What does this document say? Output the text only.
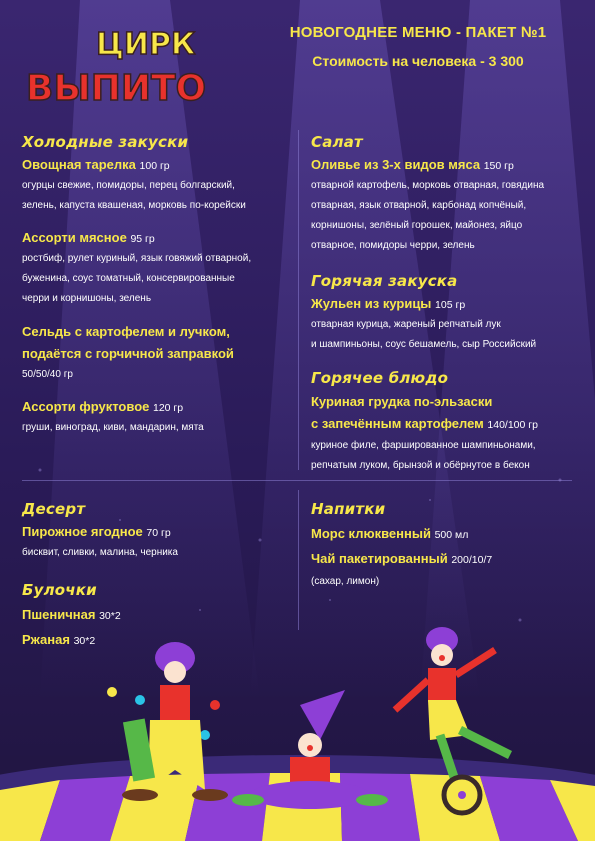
ЦИРК
ВЫПИТО
НОВОГОДНЕЕ МЕНЮ - ПАКЕТ №1
Стоимость на человека - 3 300
Холодные закуски
Овощная тарелка 100 гр
огурцы свежие, помидоры, перец болгарский,
зелень, капуста квашеная, морковь по-корейски
Ассорти мясное 95 гр
ростбиф, рулет куриный, язык говяжий отварной,
буженина, соус томатный, консервированные
черри и корнишоны, зелень
Сельдь с картофелем и лучком,
подаётся с горчичной заправкой
50/50/40 гр
Ассорти фруктовое 120 гр
груши, виноград, киви, мандарин, мята
Салат
Оливье из 3-х видов мяса 150 гр
отварной картофель, морковь отварная, говядина
отварная, язык отварной, карбонад копчёный,
корнишоны, зелёный горошек, майонез, яйцо
отварное, помидоры черри, зелень
Горячая закуска
Жульен из курицы 105 гр
отварная курица, жареный репчатый лук
и шампиньоны, соус бешамель, сыр Российский
Горячее блюдо
Куриная грудка по-эльзаски
с запечённым картофелем 140/100 гр
куриное филе, фаршированное шампиньонами,
репчатым луком, брынзой и обёрнутое в бекон
Десерт
Пирожное ягодное 70 гр
бисквит, сливки, малина, черника
Булочки
Пшеничная 30*2
Ржаная 30*2
Напитки
Морс клюквенный 500 мл
Чай пакетированный 200/10/7
(сахар, лимон)
